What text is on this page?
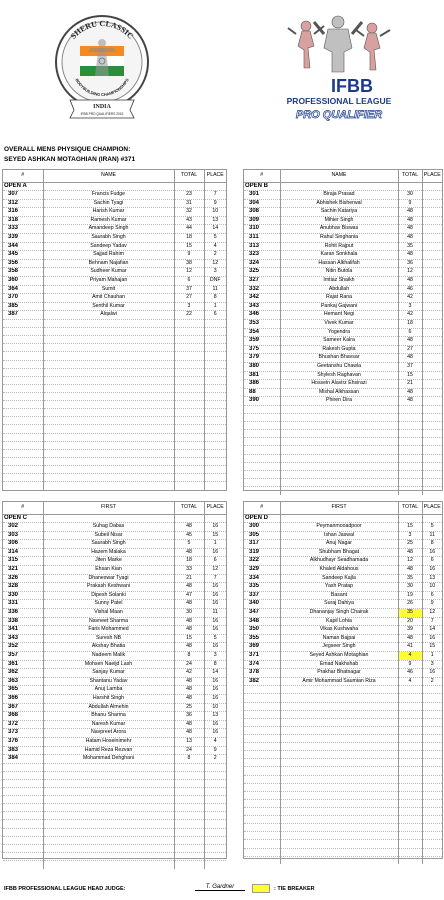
SHERU CLASSIC
BODYBUILDING CHAMPIONSHIPS
INDIA
IFBB PRO QUALIFIERS 2019
IFBB
PROFESSIONAL LEAGUE
PRO QUALIFIER
OVERALL MENS PHYSIQUE CHAMPION:
SEYED ASHKAN MOTAGHIAN (IRAN) #371
#	NAME	TOTAL	PLACE
OPEN A			
307	Francis Fudge	23	7
312	Sachin Tyagi	31	9
316	Harish Kumar	32	10
318	Ramesh Kumar	43	13
333	Amandeep Singh	44	14
339	Saurabh Singh	18	5
344	Sandeep Yadav	15	4
345	Sajjad Rahim	9	2
356	Behnam Najafian	38	12
358	Sudheer Kumar	12	3
360	Priyam Mahajan	6	DNF
364	Sumit	37	11
370	Amit Chauhan	27	8
385	Senthil Kumar	3	1
387	Alqalwi	22	6

#	NAME	TOTAL	PLACE
OPEN B			
301	Biraja Prasad	30	
304	Abhishek Bisherwal	9	
308	Sachin Katariya	48	
309	Mihier Singh	48	
310	Anubhav Biswas	48	
311	Rahul Singhania	48	
313	Rohit Rajput	35	
323	Karan Sonkhala	48	
324	Hassan Alkhalifah	36	
325	Nitin Butola	12	
327	Imtiaz Shaikh	48	
332	Abdullah	46	
342	Rajat Rana	42	
343	Pankaj Gajwani	3	
346	Hemant Negi	42	
353	Vivek Kumar	18	
354	Yogendra	6	
359	Sameer Kalra	48	
375	Rakesh Gupta	27	
379	Bhushan Bhavsar	48	
380	Geetanshu Chawla	37	
381	Shylesh Raghavan	15	
386	Hossein Alavirz Ehsirazi	21	
88	Mishal Alkhassan	48	
390	Phiren Dira	48	

#	FIRST	TOTAL	PLACE
OPEN C			
302	Suhag Dabas	48	16
303	Subeil Nisar	45	15
306	Saurabh Singh	5	1
314	Hazem Malaka	48	16
315	Jiten Marke	18	6
321	Ehsan Kian	33	12
326	Dhaneswar Tyagi	21	7
328	Prakash Keshwani	48	16
330	Dipesh Solanki	47	16
331	Sunny Patel	48	16
336	Vishal Maan	30	11
338	Navneet Sharma	48	16
341	Faris Mohammed	48	16
343	Suresh NB	15	5
352	Akshay Bhatia	48	16
357	Nadeem Malik	8	3
361	Mohsen Naeijd Lash	24	8
362	Sanjay Kumar	42	14
363	Shantanu Yadav	48	16
365	Anuj Lamba	48	16
366	Harshit Singh	48	16
367	Abdullah Almehin	25	10
368	Bhanu Sharma	36	13
372	Naresh Kumar	48	16
373	Navpreet Arora	48	16
376	Hatam Hoseinimehr	13	4
383	Hamid Reza Rezvan	24	9
384	Mohammad Dehghani	8	2

#	FIRST	TOTAL	PLACE
OPEN D			
300	Peymanmooadpoor	15	5
305	Ishan Jaswal	3	11
317	Anuj Nagar	25	8
319	Shubham Bhagat	48	16
322	Alkhudhayr Seadhamada	12	6
329	Khaled Aldahous	48	16
334	Sandeep Kajla	35	13
335	Yash Pratap	30	10
337	Basant	19	6
340	Suraj Dahiya	26	9
347	Dhananjay Singh Chairak	35	12
348	Kapil Lohia	20	7
350	Vikas Kushwaha	39	14
355	Naman Bajpai	48	16
369	Jegseer Singh	41	15
371	Seyed Ashkan Motaghian	4	1
374	Emad Nakhshab	9	3
378	Prakhar Bhatnagar	46	16
382	Amir Mohammad Saumian Riza	4	2

IFBB PROFESSIONAL LEAGUE HEAD JUDGE:	T. Gardner	: TIE BREAKER
